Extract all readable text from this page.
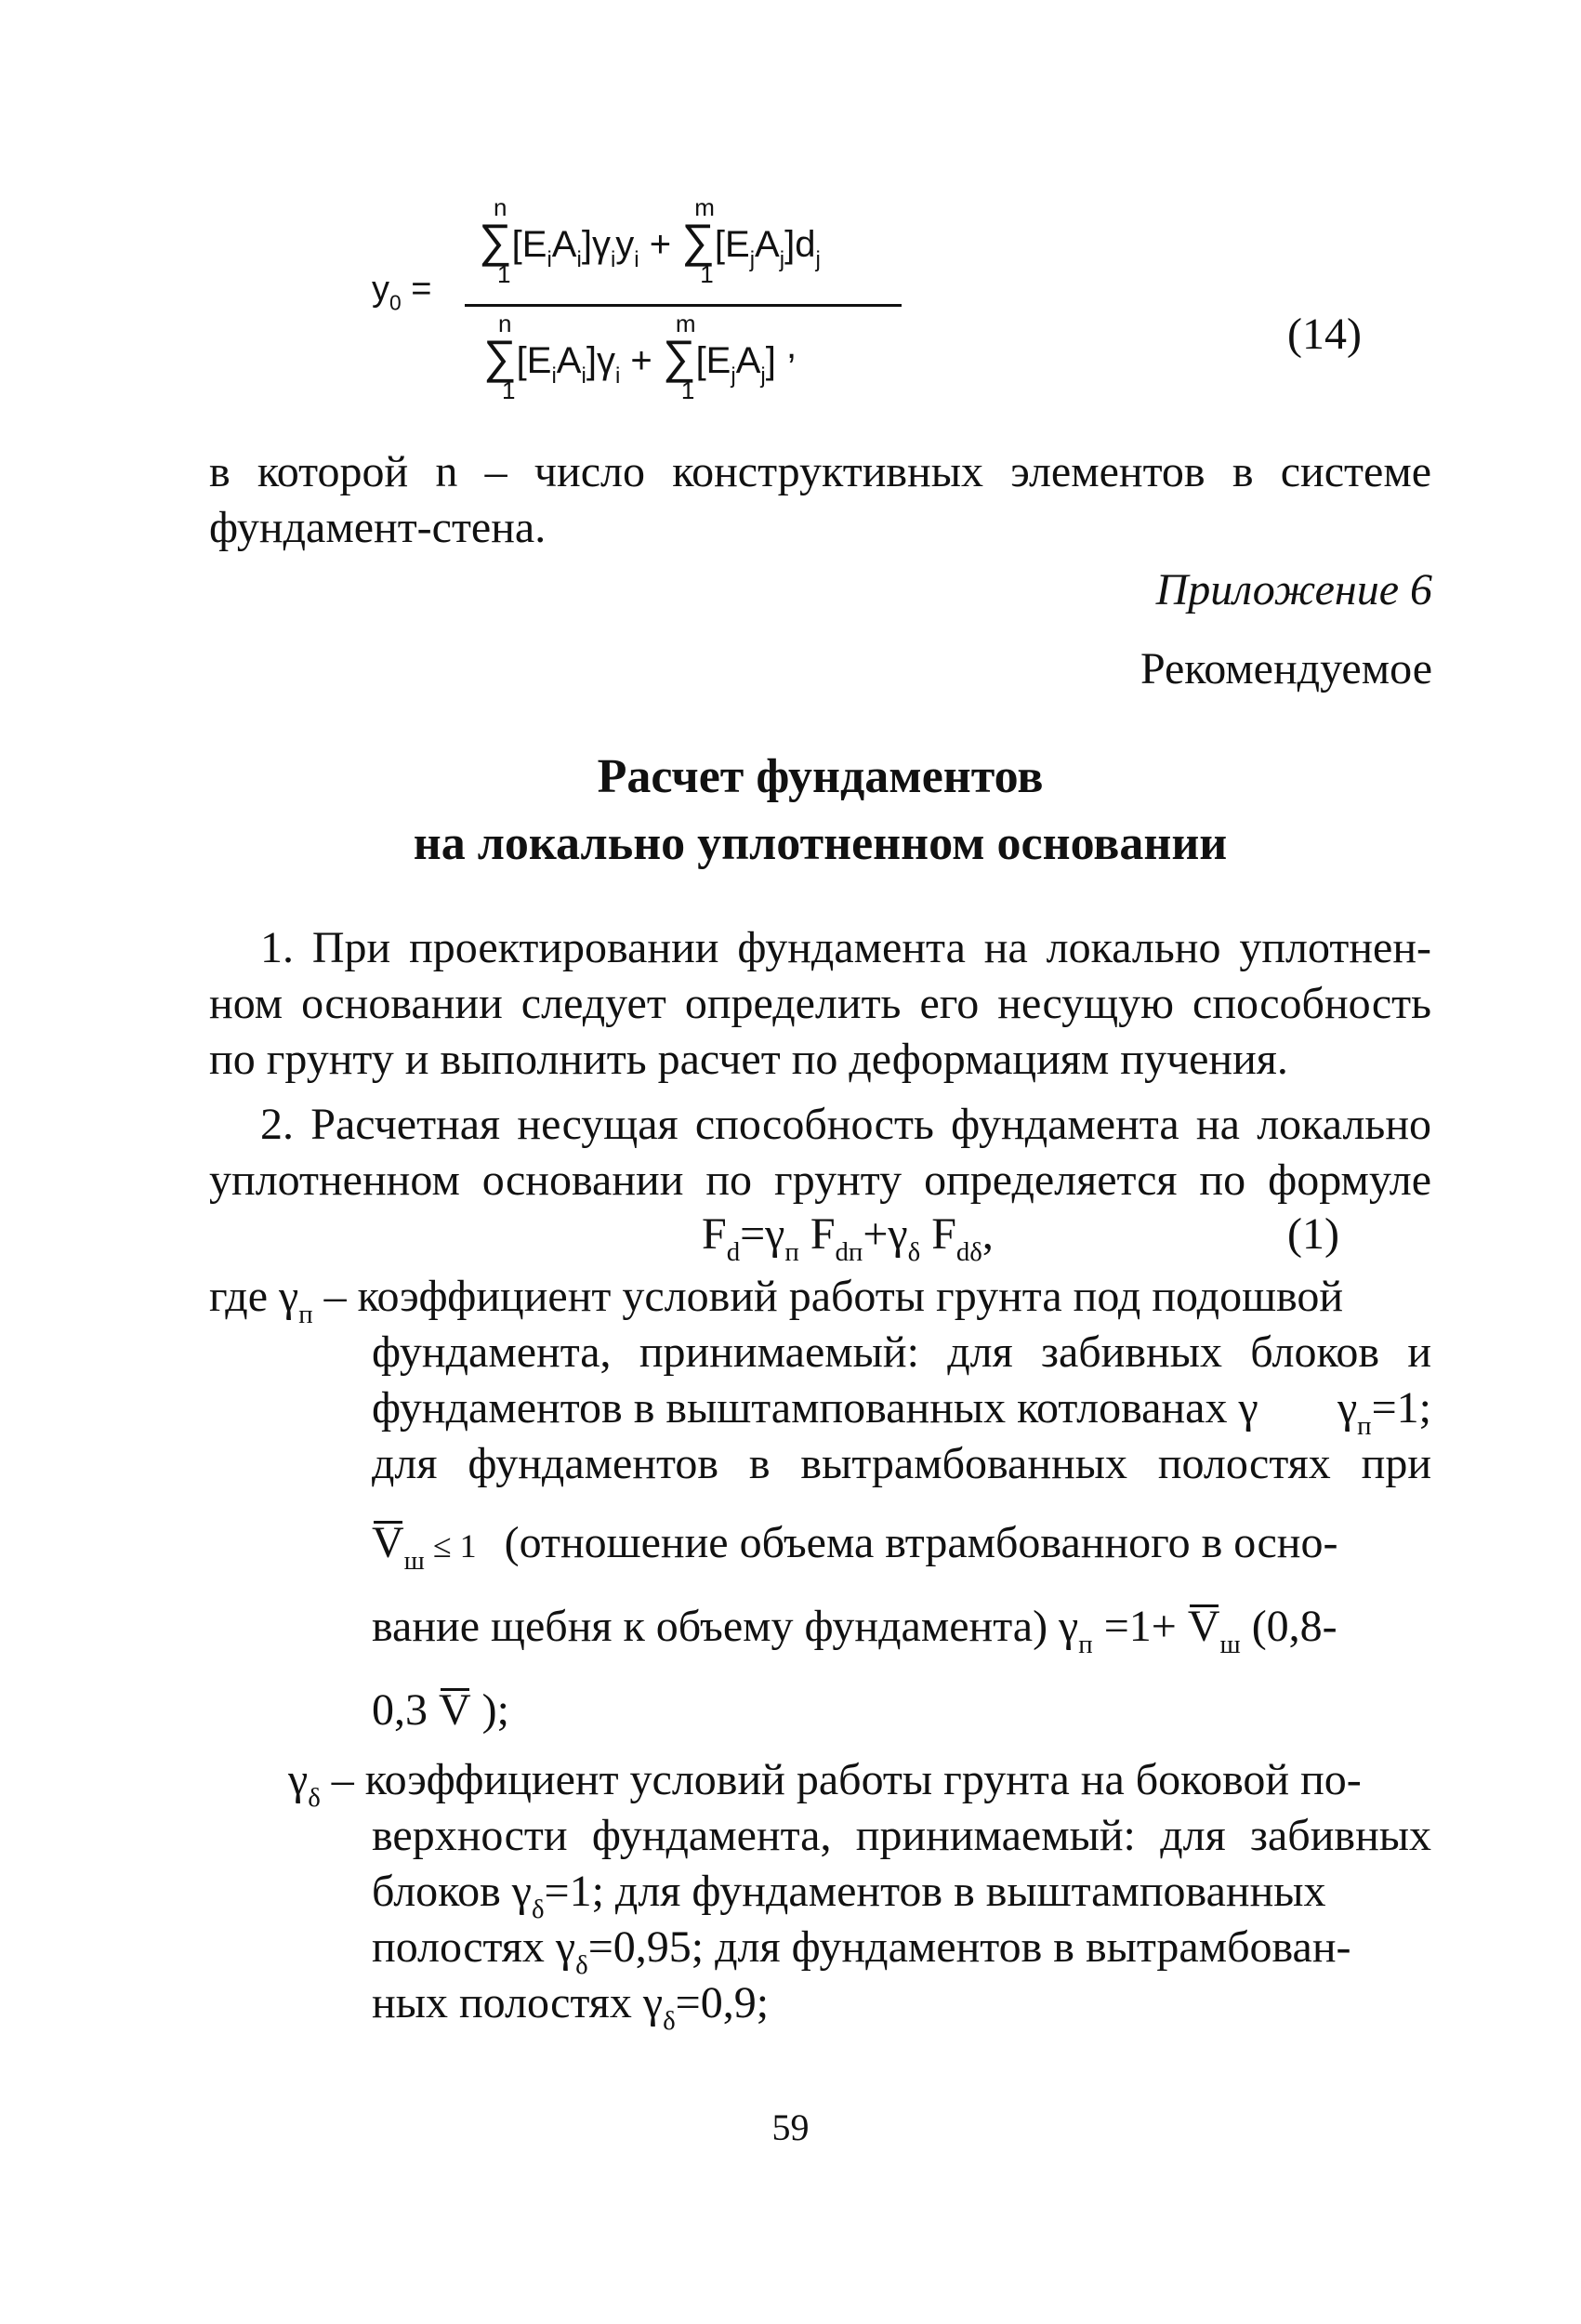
$y_0$ =
n
∑
1
$[E_iA_i]\gamma_iy_i$ +
m
∑
1
$[E_jA_j]d_j$
n
∑
1
$[E_iA_i]\gamma_i$ +
m
∑
1
$[E_jA_j]$ ,	(14)
в которой n – число конструктивных элементов в системе
фундамент-стена.
Приложение 6
Рекомендуемое
Расчет фундаментов
на локально уплотненном основании
1. При проектировании фундамента на локально уплотнен-
ном основании следует определить его несущую способность
по грунту и выполнить расчет по деформациям пучения.
2. Расчетная несущая способность фундамента на локально
уплотненном основании по грунту определяется по формуле
$F_d=\gamma_п$ $F_{dп}+\gamma_\delta$ $F_{d\delta}$,	(1)
где $\gamma_п$ – коэффициент условий работы грунта под подошвой
фундамента, принимаемый: для забивных блоков и
фундаментов в выштампованных котлованах γ $\gamma_п=1$;
для фундаментов в вытрамбованных полостях при
$V_ш \le 1$ (отношение объема втрамбованного в осно-
вание щебня к объему фундамента) $\gamma_п =1+ V_ш$ (0,8-
0,3 V );
$\gamma_\delta$ – коэффициент условий работы грунта на боковой по-
верхности фундамента, принимаемый: для забивных
блоков $\gamma_\delta=1$; для фундаментов в выштампованных
полостях $\gamma_\delta=0,95$; для фундаментов в вытрамбован-
ных полостях $\gamma_\delta=0,9$;
59
